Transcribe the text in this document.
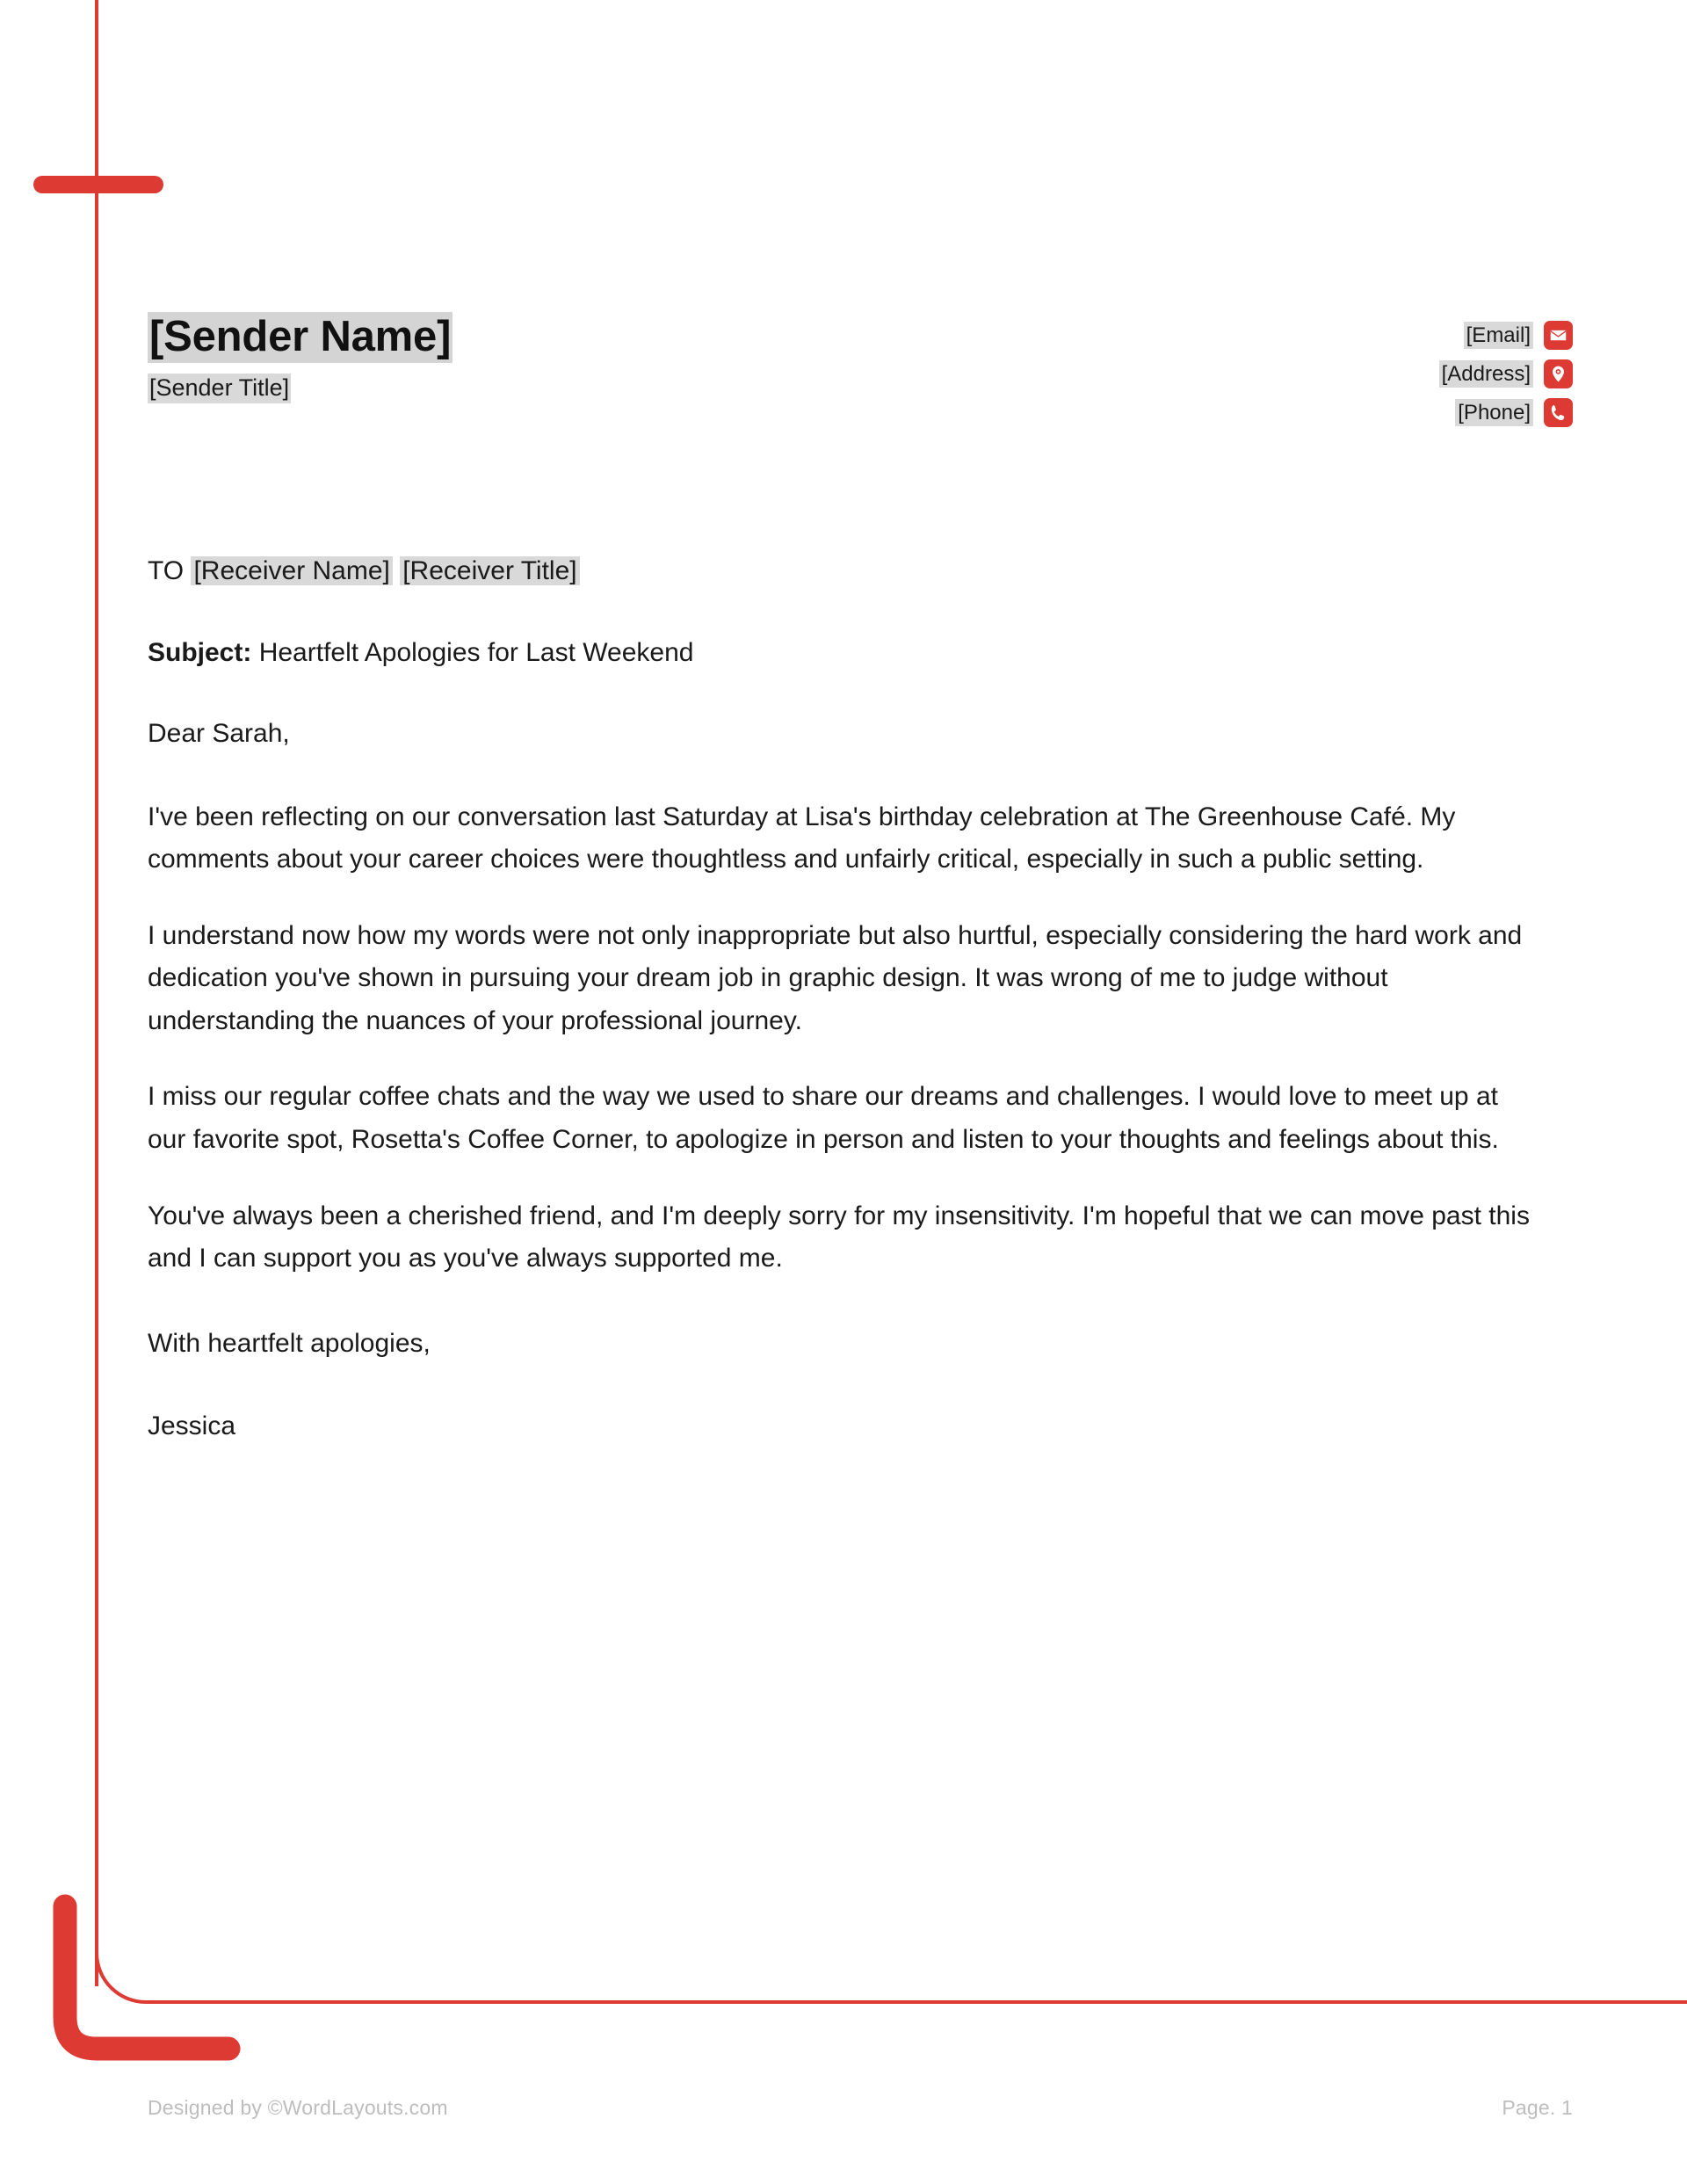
[Sender Name]
[Sender Title]
[Email]
[Address]
[Phone]
TO [Receiver Name] [Receiver Title]
Subject: Heartfelt Apologies for Last Weekend
Dear Sarah,

I've been reflecting on our conversation last Saturday at Lisa's birthday celebration at The Greenhouse Café. My comments about your career choices were thoughtless and unfairly critical, especially in such a public setting.

I understand now how my words were not only inappropriate but also hurtful, especially considering the hard work and dedication you've shown in pursuing your dream job in graphic design. It was wrong of me to judge without understanding the nuances of your professional journey.

I miss our regular coffee chats and the way we used to share our dreams and challenges. I would love to meet up at our favorite spot, Rosetta's Coffee Corner, to apologize in person and listen to your thoughts and feelings about this.

You've always been a cherished friend, and I'm deeply sorry for my insensitivity. I'm hopeful that we can move past this and I can support you as you've always supported me.

With heartfelt apologies,
Jessica
Designed by ©WordLayouts.com	Page. 1
